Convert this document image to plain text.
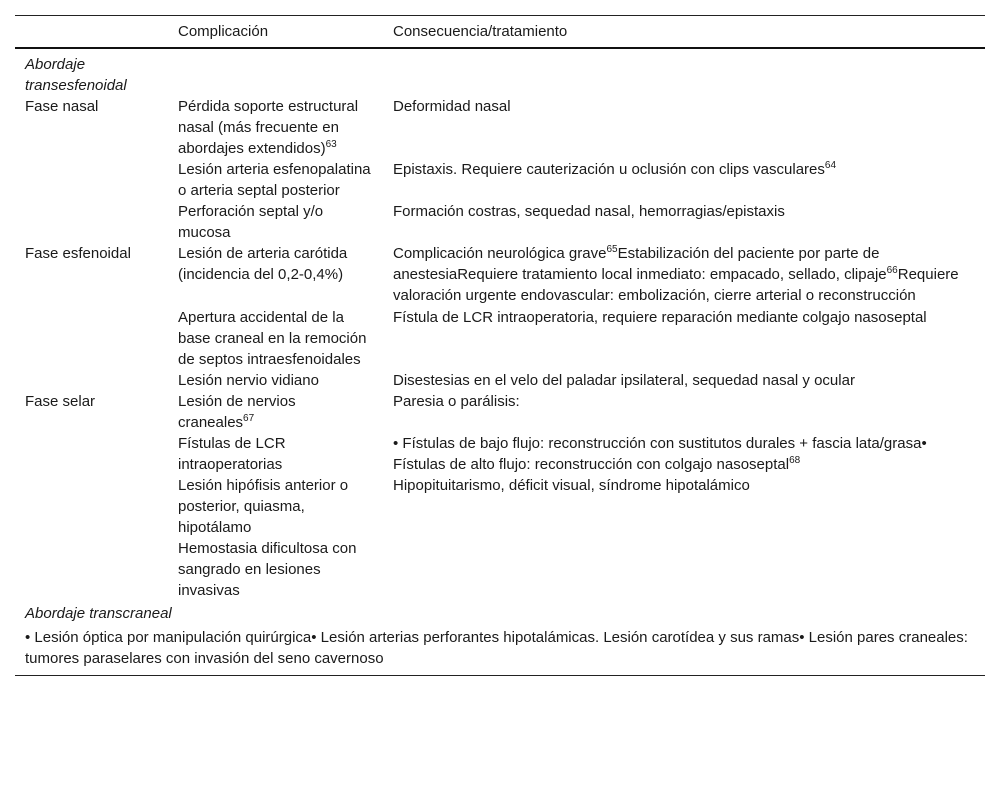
	Complicación	Consecuencia/tratamiento
Abordaje transesfenoidal		
Fase nasal	Pérdida soporte estructural nasal (más frecuente en abordajes extendidos)$^{63}$	Deformidad nasal
	Lesión arteria esfenopalatina o arteria septal posterior	Epistaxis. Requiere cauterización u oclusión con clips vasculares$^{64}$
	Perforación septal y/o mucosa	Formación costras, sequedad nasal, hemorragias/epistaxis
Fase esfenoidal	Lesión de arteria carótida (incidencia del 0,2-0,4%)	Complicación neurológica grave$^{65}$Estabilización del paciente por parte de anestesiaRequiere tratamiento local inmediato: empacado, sellado, clipaje$^{66}$Requiere valoración urgente endovascular: embolización, cierre arterial o reconstrucción
	Apertura accidental de la base craneal en la remoción de septos intraesfenoidales	Fístula de LCR intraoperatoria, requiere reparación mediante colgajo nasoseptal
	Lesión nervio vidiano	Disestesias en el velo del paladar ipsilateral, sequedad nasal y ocular
Fase selar	Lesión de nervios craneales$^{67}$	Paresia o parálisis:
	Fístulas de LCR intraoperatorias	• Fístulas de bajo flujo: reconstrucción con sustitutos durales + fascia lata/grasa• Fístulas de alto flujo: reconstrucción con colgajo nasoseptal$^{68}$
	Lesión hipófisis anterior o posterior, quiasma, hipotálamo	Hipopituitarismo, déficit visual, síndrome hipotalámico
	Hemostasia dificultosa con sangrado en lesiones invasivas	
Abordaje transcraneal		
• Lesión óptica por manipulación quirúrgica• Lesión arterias perforantes hipotalámicas. Lesión carotídea y sus ramas• Lesión pares craneales: tumores paraselares con invasión del seno cavernoso		
